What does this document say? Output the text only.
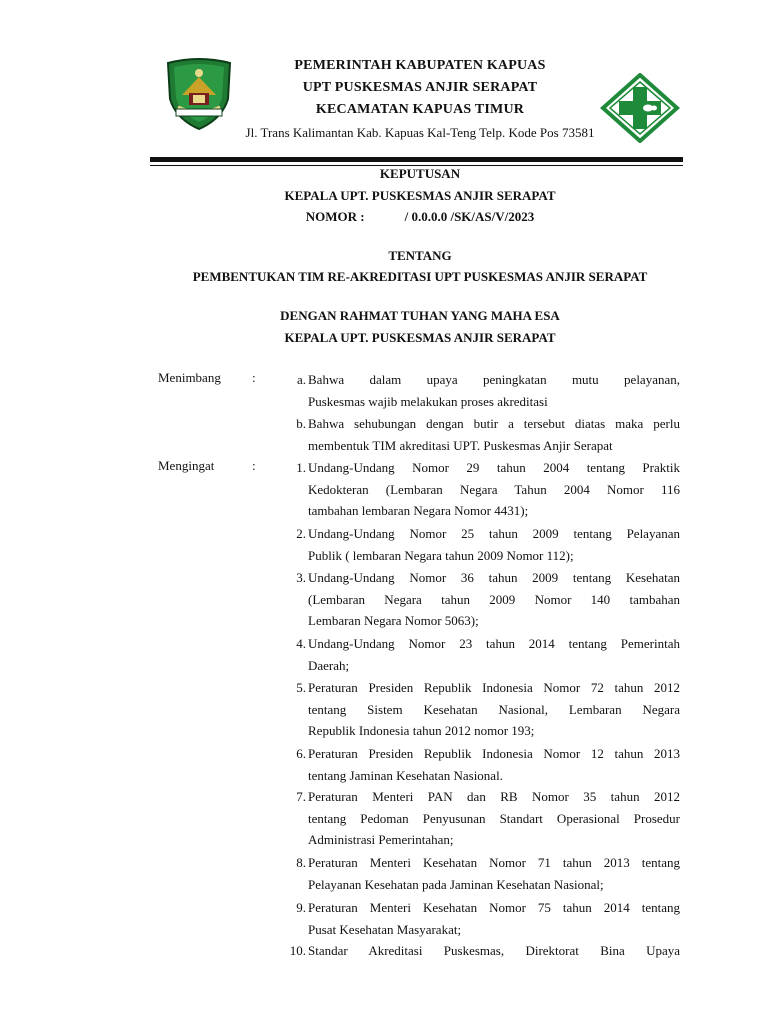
PEMERINTAH KABUPATEN KAPUAS
UPT PUSKESMAS ANJIR SERAPAT
KECAMATAN KAPUAS TIMUR
Jl. Trans Kalimantan Kab. Kapuas Kal-Teng Telp. Kode Pos 73581
KEPUTUSAN
KEPALA UPT. PUSKESMAS ANJIR SERAPAT
NOMOR :	/ 0.0.0.0 /SK/AS/V/2023
TENTANG
PEMBENTUKAN TIM RE-AKREDITASI UPT PUSKESMAS ANJIR SERAPAT
DENGAN RAHMAT TUHAN YANG MAHA ESA
KEPALA UPT. PUSKESMAS ANJIR SERAPAT
Menimbang :	a. Bahwa dalam upaya peningkatan mutu pelayanan,
Puskesmas wajib melakukan proses akreditasi
b. Bahwa sehubungan dengan butir a tersebut diatas maka perlu
membentuk TIM akreditasi UPT. Puskesmas Anjir Serapat
Mengingat	:	1. Undang-Undang Nomor 29 tahun 2004 tentang Praktik
Kedokteran (Lembaran Negara Tahun 2004 Nomor 116
tambahan lembaran Negara Nomor 4431);
2. Undang-Undang Nomor 25 tahun 2009 tentang Pelayanan
Publik ( lembaran Negara tahun 2009 Nomor 112);
3. Undang-Undang Nomor 36 tahun 2009 tentang Kesehatan
(Lembaran Negara tahun 2009 Nomor 140 tambahan
Lembaran Negara Nomor 5063);
4. Undang-Undang Nomor 23 tahun 2014 tentang Pemerintah
Daerah;
5. Peraturan Presiden Republik Indonesia Nomor 72 tahun 2012
tentang Sistem Kesehatan Nasional, Lembaran Negara
Republik Indonesia tahun 2012 nomor 193;
6. Peraturan Presiden Republik Indonesia Nomor 12 tahun 2013
tentang Jaminan Kesehatan Nasional.
7. Peraturan Menteri PAN dan RB Nomor 35 tahun 2012
tentang Pedoman Penyusunan Standart Operasional Prosedur
Administrasi Pemerintahan;
8. Peraturan Menteri Kesehatan Nomor 71 tahun 2013 tentang
Pelayanan Kesehatan pada Jaminan Kesehatan Nasional;
9. Peraturan Menteri Kesehatan Nomor 75 tahun 2014 tentang
Pusat Kesehatan Masyarakat;
10. Standar Akreditasi Puskesmas, Direktorat Bina Upaya
